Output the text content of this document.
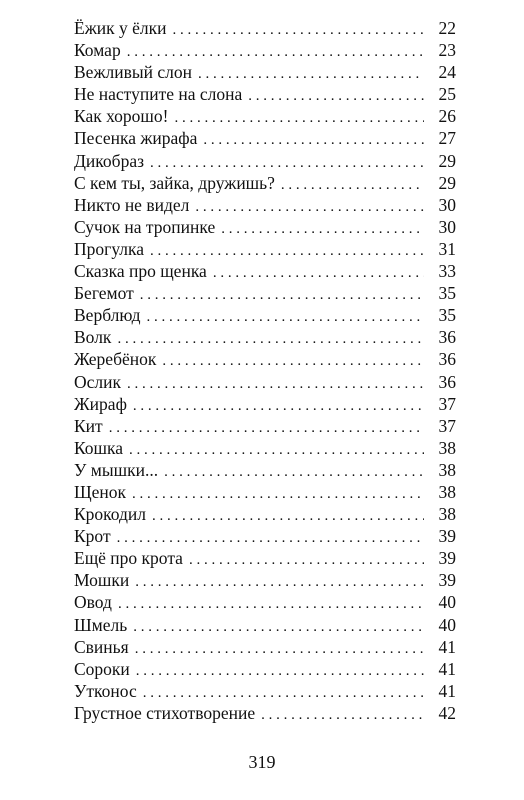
Ёжик у ёлки . . .	22
Комар . . .	23
Вежливый слон . . .	24
Не наступите на слона . . .	25
Как хорошо! . . .	26
Песенка жирафа . . .	27
Дикобраз . . .	29
С кем ты, зайка, дружишь? . . .	29
Никто не видел . . .	30
Сучок на тропинке . . .	30
Прогулка . . .	31
Сказка про щенка . . .	33
Бегемот . . .	35
Верблюд . . .	35
Волк . . .	36
Жеребёнок . . .	36
Ослик . . .	36
Жираф . . .	37
Кит . . .	37
Кошка . . .	38
У мышки... . . .	38
Щенок . . .	38
Крокодил . . .	38
Крот . . .	39
Ещё про крота . . .	39
Мошки . . .	39
Овод . . .	40
Шмель . . .	40
Свинья . . .	41
Сороки . . .	41
Утконос . . .	41
Грустное стихотворение . . .	42
319
